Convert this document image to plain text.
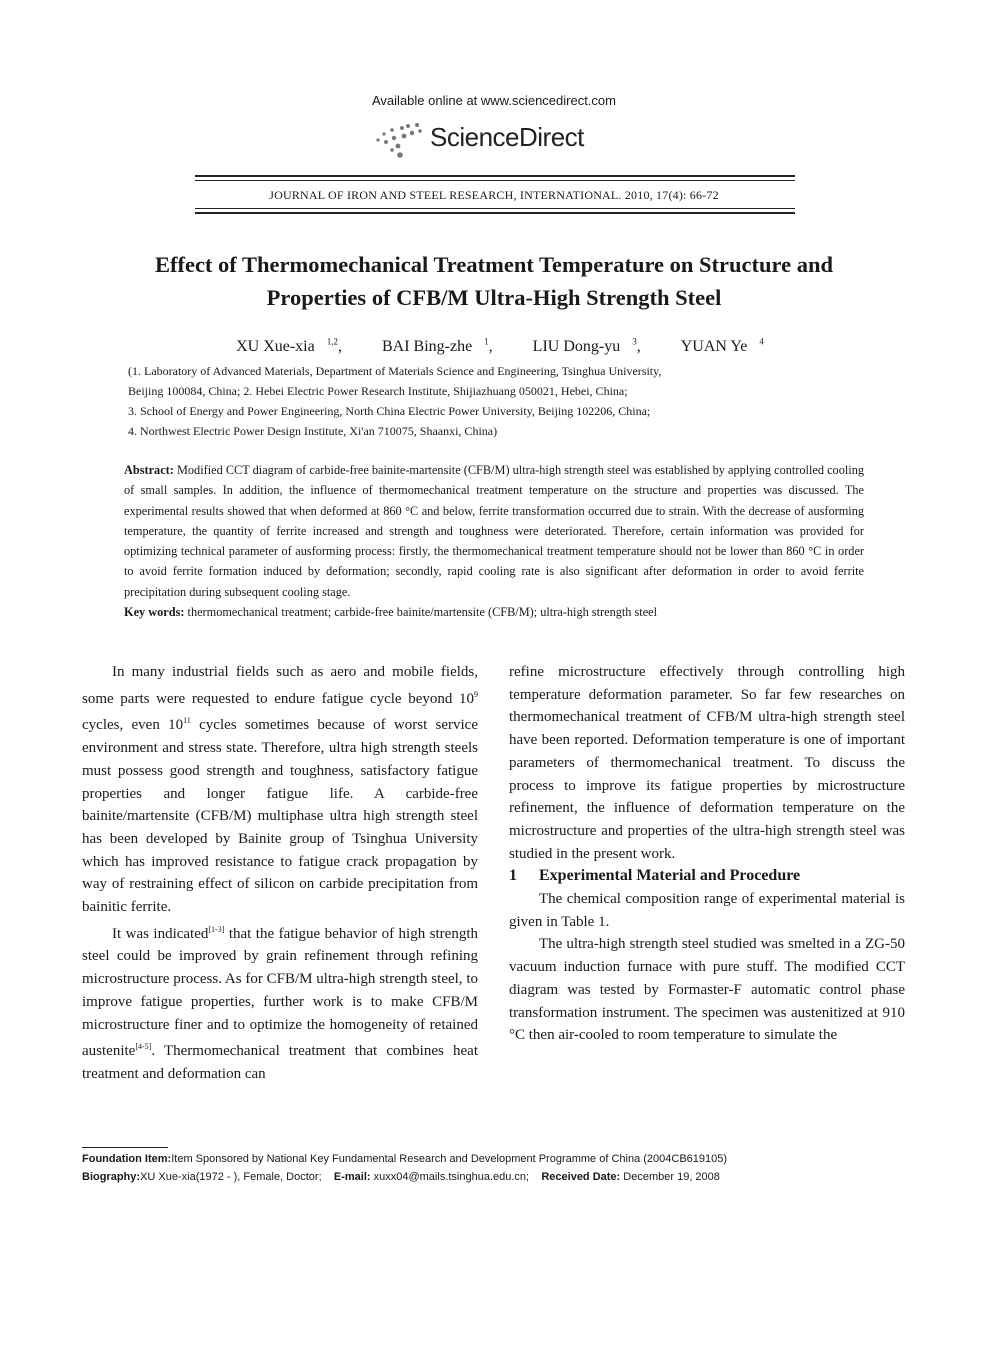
Available online at www.sciencedirect.com
ScienceDirect
JOURNAL OF IRON AND STEEL RESEARCH, INTERNATIONAL. 2010, 17(4): 66-72
Effect of Thermomechanical Treatment Temperature on Structure and
Properties of CFB/M Ultra-High Strength Steel
XU Xue-xia $^{1,2}$,	BAI Bing-zhe $^1$,	LIU Dong-yu $^3$,	YUAN Ye $^4$
(1. Laboratory of Advanced Materials, Department of Materials Science and Engineering, Tsinghua University,
Beijing 100084, China; 2. Hebei Electric Power Research Institute, Shijiazhuang 050021, Hebei, China;
3. School of Energy and Power Engineering, North China Electric Power University, Beijing 102206, China;
4. Northwest Electric Power Design Institute, Xi'an 710075, Shaanxi, China)
Abstract: Modified CCT diagram of carbide-free bainite-martensite (CFB/M) ultra-high strength steel was established by applying controlled cooling of small samples. In addition, the influence of thermomechanical treatment temperature on the structure and properties was discussed. The experimental results showed that when deformed at 860 °C and below, ferrite transformation occurred due to strain. With the decrease of ausforming temperature, the quantity of ferrite increased and strength and toughness were deteriorated. Therefore, certain information was provided for optimizing technical parameter of ausforming process: firstly, the thermomechanical treatment temperature should not be lower than 860 °C in order to avoid ferrite formation induced by deformation; secondly, rapid cooling rate is also significant after deformation in order to avoid ferrite precipitation during subsequent cooling stage.
Key words: thermomechanical treatment; carbide-free bainite/martensite (CFB/M); ultra-high strength steel

In many industrial fields such as aero and mobile fields, some parts were requested to endure fatigue cycle beyond $10^9$ cycles, even $10^{11}$ cycles sometimes because of worst service environment and stress state. Therefore, ultra high strength steels must possess good strength and toughness, satisfactory fatigue properties and longer fatigue life. A carbide-free bainite/martensite (CFB/M) multiphase ultra high strength steel has been developed by Bainite group of Tsinghua University which has improved resistance to fatigue crack propagation by way of restraining effect of silicon on carbide precipitation from bainitic ferrite.

It was indicated[1-3] that the fatigue behavior of high strength steel could be improved by grain refinement through refining microstructure process. As for CFB/M ultra-high strength steel, to improve fatigue properties, further work is to make CFB/M microstructure finer and to optimize the homogeneity of retained austenite[4-5]. Thermomechanical treatment that combines heat treatment and deformation can

refine microstructure effectively through controlling high temperature deformation parameter. So far few researches on thermomechanical treatment of CFB/M ultra-high strength steel have been reported. Deformation temperature is one of important parameters of thermomechanical treatment. To discuss the process to improve its fatigue properties by microstructure refinement, the influence of deformation temperature on the microstructure and properties of the ultra-high strength steel was studied in the present work.

1 Experimental Material and Procedure

The chemical composition range of experimental material is given in Table 1.

The ultra-high strength steel studied was smelted in a ZG-50 vacuum induction furnace with pure stuff. The modified CCT diagram was tested by Formaster-F automatic control phase transformation instrument. The specimen was austenitized at 910 °C then air-cooled to room temperature to simulate the

Foundation Item:Item Sponsored by National Key Fundamental Research and Development Programme of China (2004CB619105)
Biography:XU Xue-xia(1972 - ), Female, Doctor; E-mail: xuxx04@mails.tsinghua.edu.cn; Received Date: December 19, 2008
